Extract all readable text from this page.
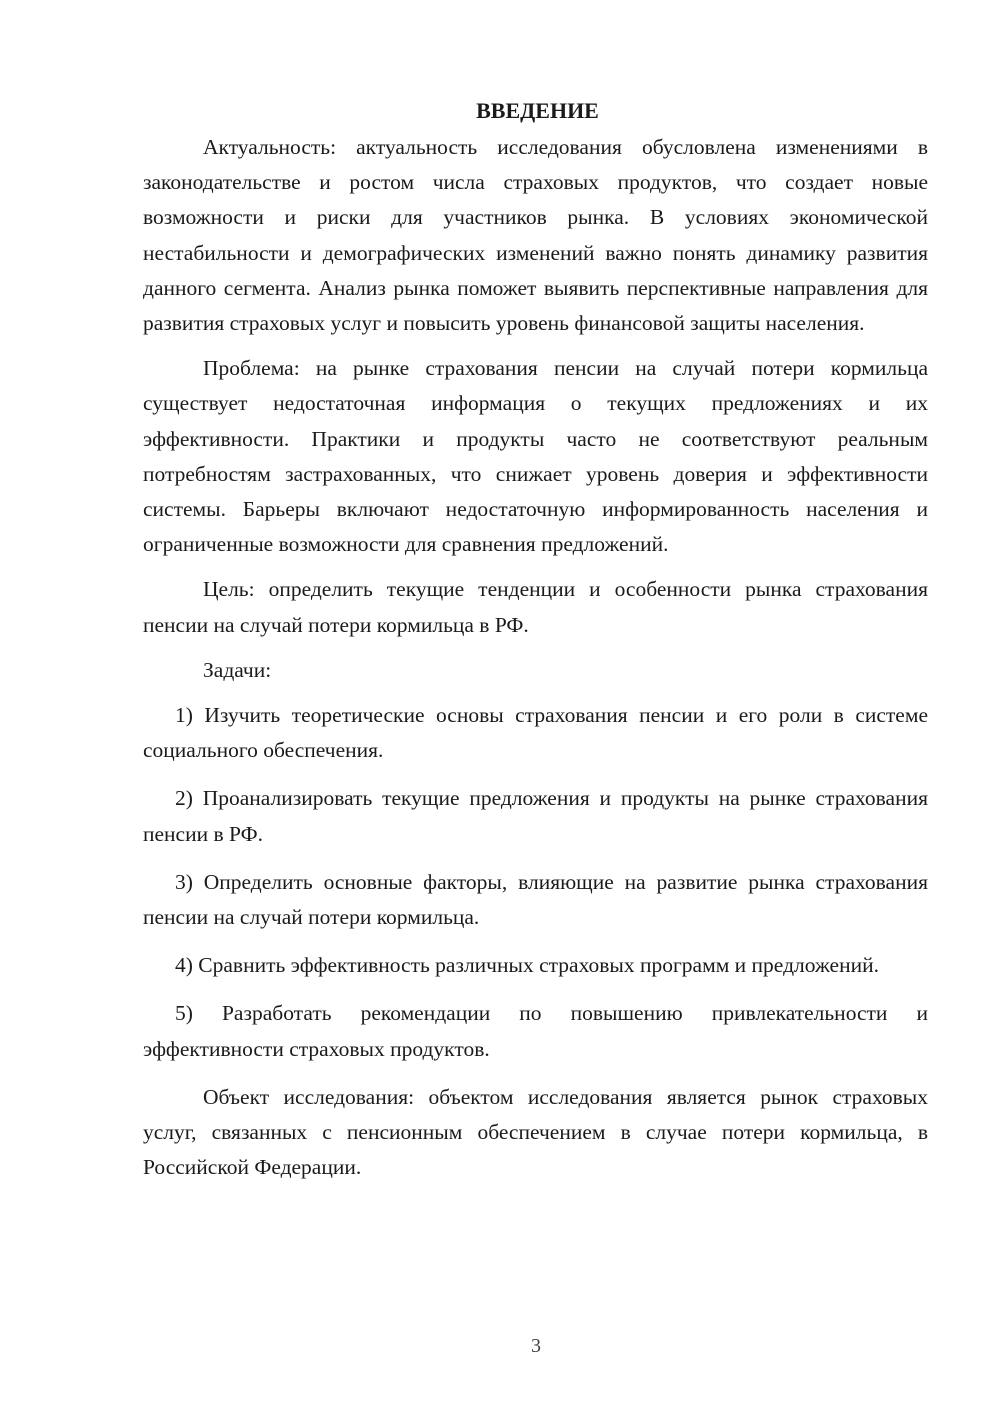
ВВЕДЕНИЕ

Актуальность: актуальность исследования обусловлена изменениями в законодательстве и ростом числа страховых продуктов, что создает новые возможности и риски для участников рынка. В условиях экономической нестабильности и демографических изменений важно понять динамику развития данного сегмента. Анализ рынка поможет выявить перспективные направления для развития страховых услуг и повысить уровень финансовой защиты населения.

Проблема: на рынке страхования пенсии на случай потери кормильца существует недостаточная информация о текущих предложениях и их эффективности. Практики и продукты часто не соответствуют реальным потребностям застрахованных, что снижает уровень доверия и эффективности системы. Барьеры включают недостаточную информированность населения и ограниченные возможности для сравнения предложений.

Цель: определить текущие тенденции и особенности рынка страхования пенсии на случай потери кормильца в РФ.

Задачи:

1) Изучить теоретические основы страхования пенсии и его роли в системе социального обеспечения.

2) Проанализировать текущие предложения и продукты на рынке страхования пенсии в РФ.

3) Определить основные факторы, влияющие на развитие рынка страхования пенсии на случай потери кормильца.

4) Сравнить эффективность различных страховых программ и предложений.

5) Разработать рекомендации по повышению привлекательности и эффективности страховых продуктов.

Объект исследования: объектом исследования является рынок страховых услуг, связанных с пенсионным обеспечением в случае потери кормильца, в Российской Федерации.

3
